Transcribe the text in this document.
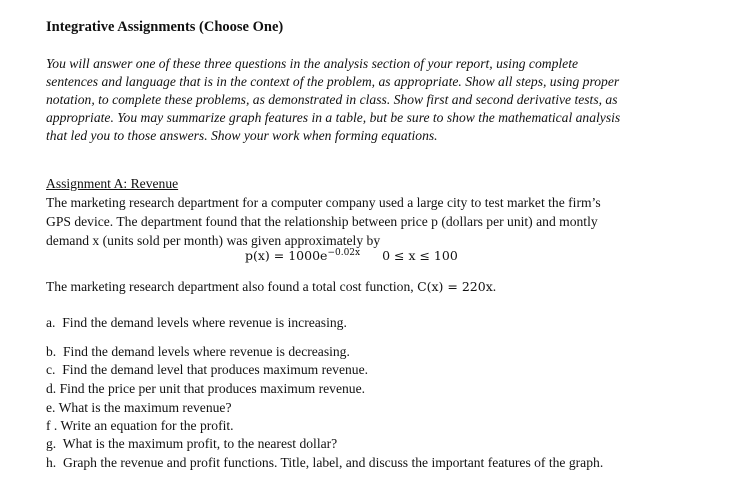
Integrative Assignments (Choose One)
You will answer one of these three questions in the analysis section of your report, using complete
sentences and language that is in the context of the problem, as appropriate. Show all steps, using proper
notation, to complete these problems, as demonstrated in class. Show first and second derivative tests, as
appropriate. You may summarize graph features in a table, but be sure to show the mathematical analysis
that led you to those answers. Show your work when forming equations.
Assignment A: Revenue
The marketing research department for a computer company used a large city to test market the firm’s
GPS device. The department found that the relationship between price p (dollars per unit) and montly
demand x (units sold per month) was given approximately by
$p(x) = 1000e^{-0.02x}$ 0 ≤ x ≤ 100
The marketing research department also found a total cost function, C(x) = 220x.
a. Find the demand levels where revenue is increasing.
b. Find the demand levels where revenue is decreasing.
c. Find the demand level that produces maximum revenue.
d. Find the price per unit that produces maximum revenue.
e. What is the maximum revenue?
f . Write an equation for the profit.
g. What is the maximum profit, to the nearest dollar?
h. Graph the revenue and profit functions. Title, label, and discuss the important features of the graph.
